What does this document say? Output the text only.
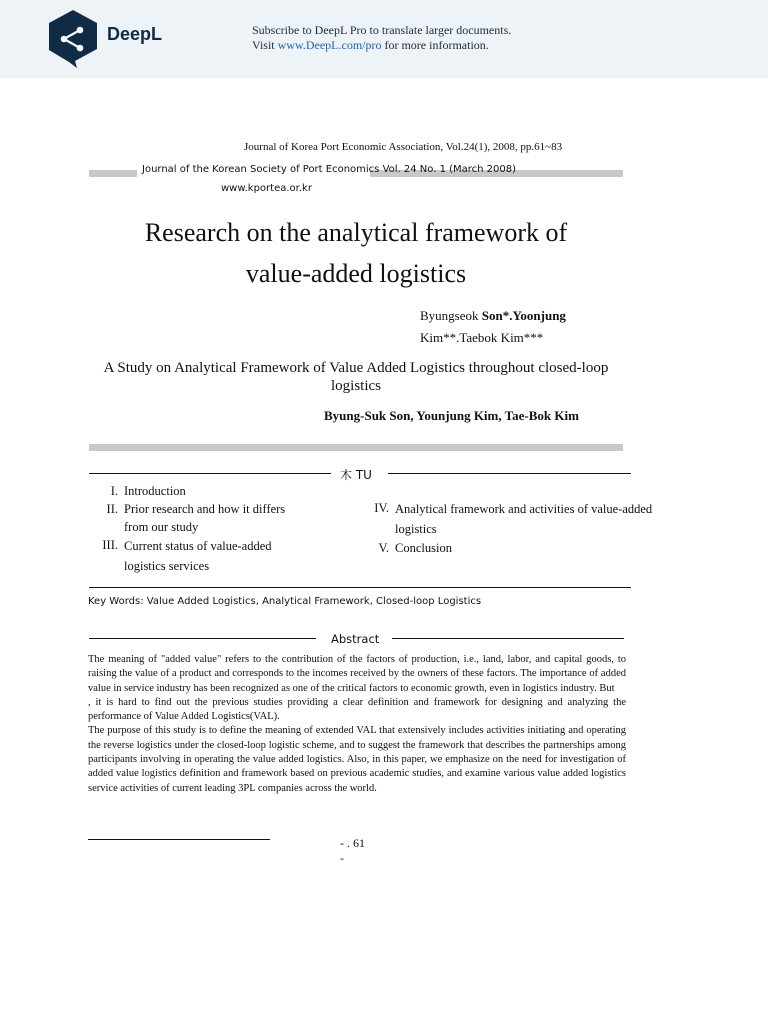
DeepL	Subscribe to DeepL Pro to translate larger documents.
Visit www.DeepL.com/pro for more information.
Journal of Korea Port Economic Association, Vol.24(1), 2008, pp.61~83
Journal of the Korean Society of Port Economics Vol. 24 No. 1 (March 2008)
www.kportea.or.kr
Research on the analytical framework of
value-added logistics
Byungseok Son*.Yoonjung
Kim**.Taebok Kim***
A Study on Analytical Framework of Value Added Logistics throughout closed-loop logistics
Byung-Suk Son, Younjung Kim, Tae-Bok Kim
木 TU
I. Introduction
II. Prior research and how it differs from our study
III. Current status of value-added logistics services
IV. Analytical framework and activities of value-added logistics
V. Conclusion
Key Words: Value Added Logistics, Analytical Framework, Closed-loop Logistics
Abstract

The meaning of "added value" refers to the contribution of the factors of production, i.e., land, labor, and capital goods, to raising the value of a product and corresponds to the incomes received by the owners of these factors. The importance of added value in service industry has been recognized as one of the critical factors to economic growth, even in logistics industry. But

, it is hard to find out the previous studies providing a clear definition and framework for designing and analyzing the performance of Value Added Logistics(VAL).

The purpose of this study is to define the meaning of extended VAL that extensively includes activities initiating and operating the reverse logistics under the closed-loop logistic scheme, and to suggest the framework that describes the partnerships among participants involving in operating the value added logistics. Also, in this paper, we emphasize on the need for investigation of added value logistics definition and framework based on previous academic studies, and examine various value added logistics service activities of current leading 3PL companies across the world.

- . 61
-
